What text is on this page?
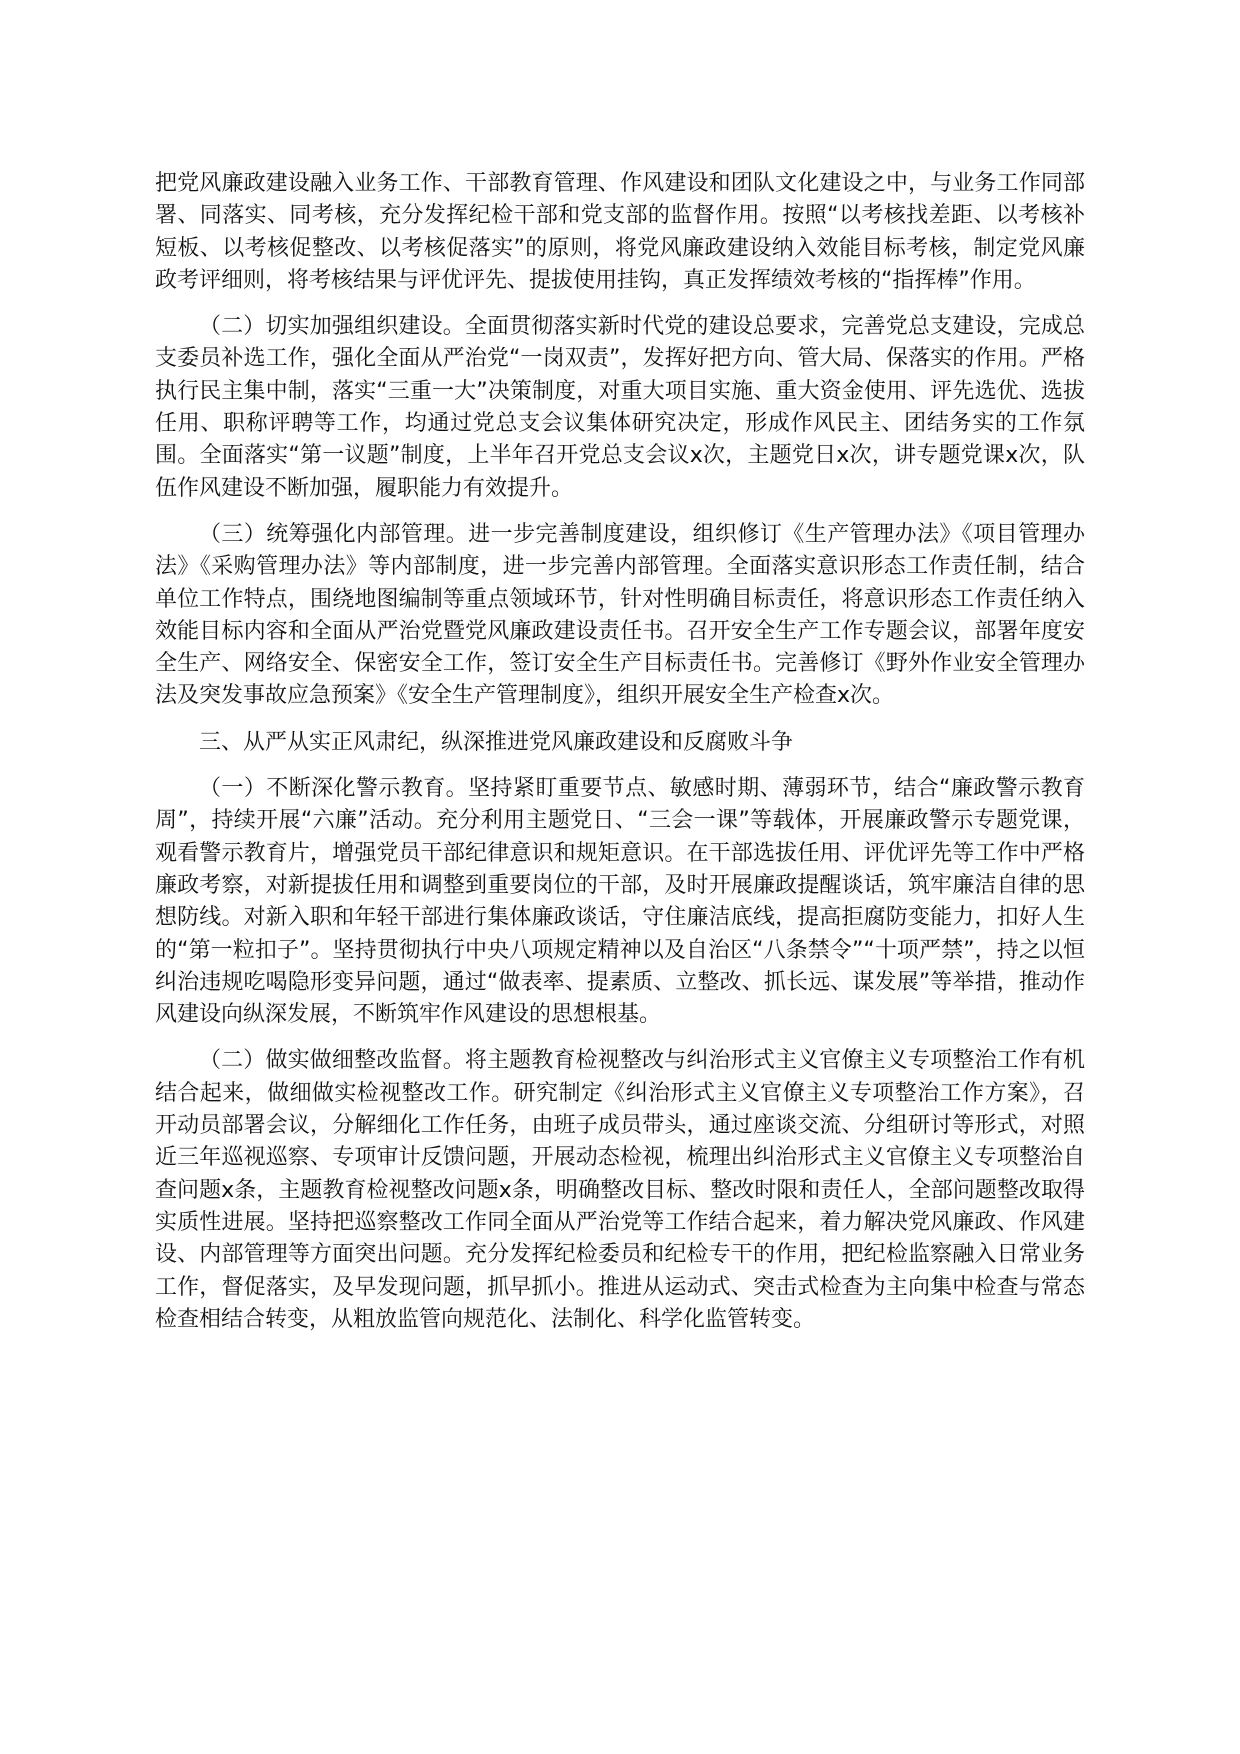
把党风廉政建设融入业务工作、干部教育管理、作风建设和团队文化建设之中，与业务工作同部署、同落实、同考核，充分发挥纪检干部和党支部的监督作用。按照“以考核找差距、以考核补短板、以考核促整改、以考核促落实”的原则，将党风廉政建设纳入效能目标考核，制定党风廉政考评细则，将考核结果与评优评先、提拔使用挂钩，真正发挥绩效考核的“指挥棒”作用。

（二）切实加强组织建设。全面贯彻落实新时代党的建设总要求，完善党总支建设，完成总支委员补选工作，强化全面从严治党“一岗双责”，发挥好把方向、管大局、保落实的作用。严格执行民主集中制，落实“三重一大”决策制度，对重大项目实施、重大资金使用、评先选优、选拔任用、职称评聘等工作，均通过党总支会议集体研究决定，形成作风民主、团结务实的工作氛围。全面落实“第一议题”制度，上半年召开党总支会议x次，主题党日x次，讲专题党课x次，队伍作风建设不断加强，履职能力有效提升。

（三）统筹强化内部管理。进一步完善制度建设，组织修订《生产管理办法》《项目管理办法》《采购管理办法》等内部制度，进一步完善内部管理。全面落实意识形态工作责任制，结合单位工作特点，围绕地图编制等重点领域环节，针对性明确目标责任，将意识形态工作责任纳入效能目标内容和全面从严治党暨党风廉政建设责任书。召开安全生产工作专题会议，部署年度安全生产、网络安全、保密安全工作，签订安全生产目标责任书。完善修订《野外作业安全管理办法及突发事故应急预案》《安全生产管理制度》，组织开展安全生产检查x次。

三、从严从实正风肃纪，纵深推进党风廉政建设和反腐败斗争

（一）不断深化警示教育。坚持紧盯重要节点、敏感时期、薄弱环节，结合“廉政警示教育周”，持续开展“六廉”活动。充分利用主题党日、“三会一课”等载体，开展廉政警示专题党课，观看警示教育片，增强党员干部纪律意识和规矩意识。在干部选拔任用、评优评先等工作中严格廉政考察，对新提拔任用和调整到重要岗位的干部，及时开展廉政提醒谈话，筑牢廉洁自律的思想防线。对新入职和年轻干部进行集体廉政谈话，守住廉洁底线，提高拒腐防变能力，扣好人生的“第一粒扣子”。坚持贯彻执行中央八项规定精神以及自治区“八条禁令”“十项严禁”，持之以恒纠治违规吃喝隐形变异问题，通过“做表率、提素质、立整改、抓长远、谋发展”等举措，推动作风建设向纵深发展，不断筑牢作风建设的思想根基。

（二）做实做细整改监督。将主题教育检视整改与纠治形式主义官僚主义专项整治工作有机结合起来，做细做实检视整改工作。研究制定《纠治形式主义官僚主义专项整治工作方案》，召开动员部署会议，分解细化工作任务，由班子成员带头，通过座谈交流、分组研讨等形式，对照近三年巡视巡察、专项审计反馈问题，开展动态检视，梳理出纠治形式主义官僚主义专项整治自查问题x条，主题教育检视整改问题x条，明确整改目标、整改时限和责任人，全部问题整改取得实质性进展。坚持把巡察整改工作同全面从严治党等工作结合起来，着力解决党风廉政、作风建设、内部管理等方面突出问题。充分发挥纪检委员和纪检专干的作用，把纪检监察融入日常业务工作，督促落实，及早发现问题，抓早抓小。推进从运动式、突击式检查为主向集中检查与常态检查相结合转变，从粗放监管向规范化、法制化、科学化监管转变。
